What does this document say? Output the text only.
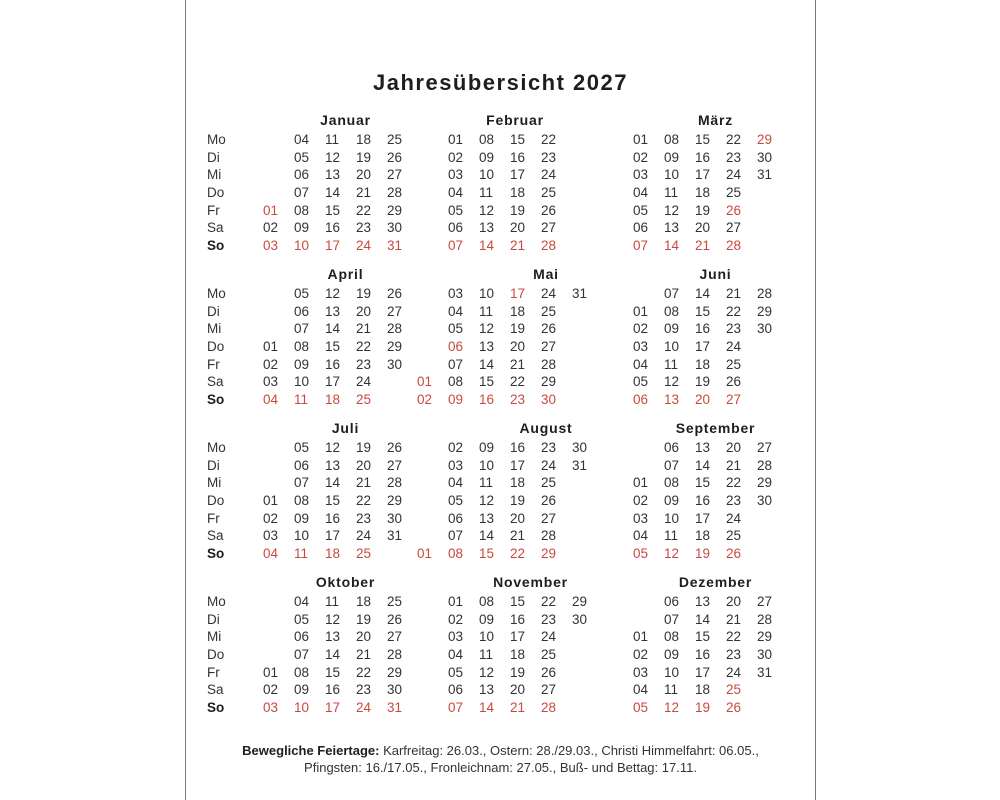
Jahresübersicht 2027
Januar
Mo
Di
Mi
Do
Fr
Sa
So
01
02
03
04
05
06
07
08
09
10
11
12
13
14
15
16
17
18
19
20
21
22
23
24
25
26
27
28
29
30
31
Februar
01
02
03
04
05
06
07
08
09
10
11
12
13
14
15
16
17
18
19
20
21
22
23
24
25
26
27
28
März
01
02
03
04
05
06
07
08
09
10
11
12
13
14
15
16
17
18
19
20
21
22
23
24
25
26
27
28
29
30
31
April
Mo
Di
Mi
Do
Fr
Sa
So
01
02
03
04
05
06
07
08
09
10
11
12
13
14
15
16
17
18
19
20
21
22
23
24
25
26
27
28
29
30
Mai
01
02
03
04
05
06
07
08
09
10
11
12
13
14
15
16
17
18
19
20
21
22
23
24
25
26
27
28
29
30
31
Juni
01
02
03
04
05
06
07
08
09
10
11
12
13
14
15
16
17
18
19
20
21
22
23
24
25
26
27
28
29
30
Juli
Mo
Di
Mi
Do
Fr
Sa
So
01
02
03
04
05
06
07
08
09
10
11
12
13
14
15
16
17
18
19
20
21
22
23
24
25
26
27
28
29
30
31
August
01
02
03
04
05
06
07
08
09
10
11
12
13
14
15
16
17
18
19
20
21
22
23
24
25
26
27
28
29
30
31
September
01
02
03
04
05
06
07
08
09
10
11
12
13
14
15
16
17
18
19
20
21
22
23
24
25
26
27
28
29
30
Oktober
Mo
Di
Mi
Do
Fr
Sa
So
01
02
03
04
05
06
07
08
09
10
11
12
13
14
15
16
17
18
19
20
21
22
23
24
25
26
27
28
29
30
31
November
01
02
03
04
05
06
07
08
09
10
11
12
13
14
15
16
17
18
19
20
21
22
23
24
25
26
27
28
29
30
Dezember
01
02
03
04
05
06
07
08
09
10
11
12
13
14
15
16
17
18
19
20
21
22
23
24
25
26
27
28
29
30
31
Bewegliche Feiertage: Karfreitag: 26.03., Ostern: 28./29.03., Christi Himmelfahrt: 06.05.,
Pfingsten: 16./17.05., Fronleichnam: 27.05., Buß- und Bettag: 17.11.
